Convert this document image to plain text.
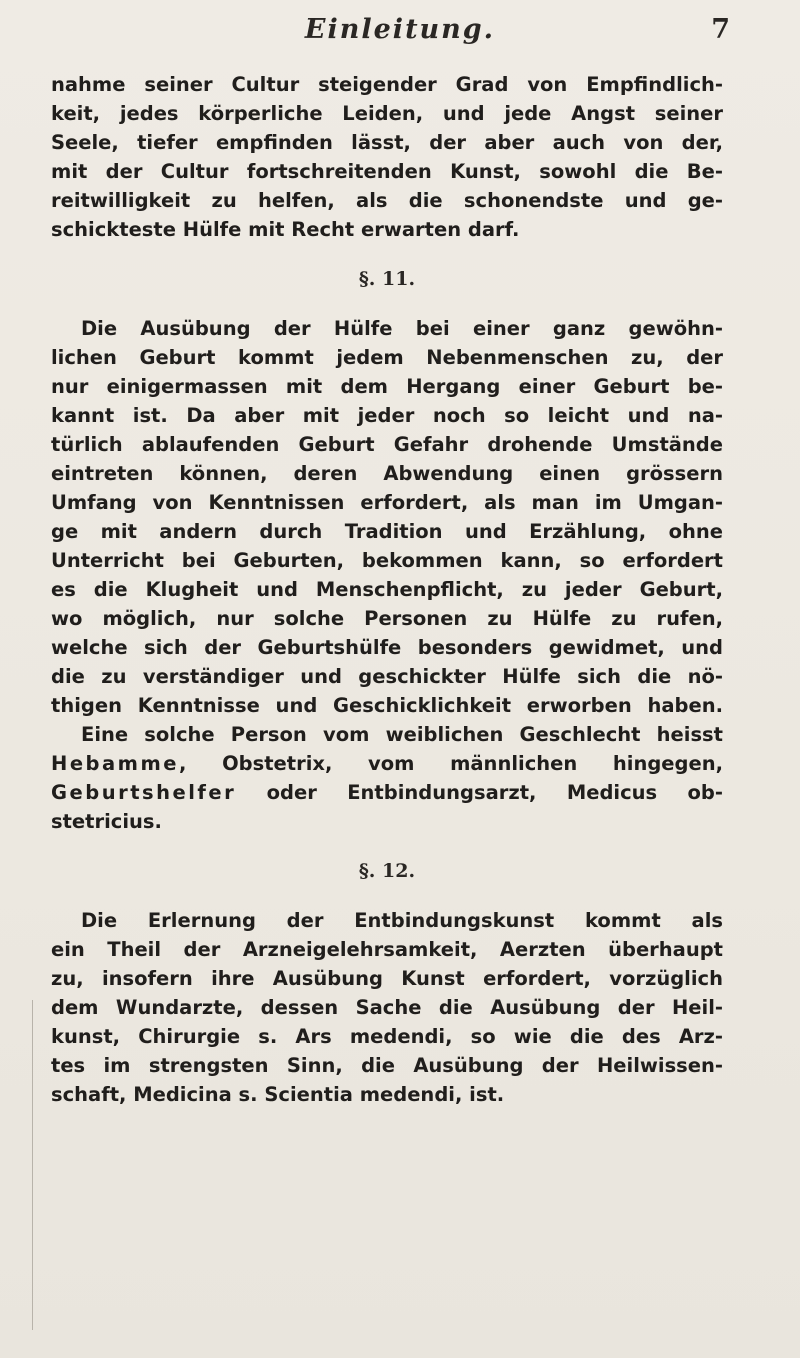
Einleitung.	7
nahme seiner Cultur steigender Grad von Empfindlich-
keit, jedes körperliche Leiden, und jede Angst seiner
Seele, tiefer empfinden lässt, der aber auch von der,
mit der Cultur fortschreitenden Kunst, sowohl die Be-
reitwilligkeit zu helfen, als die schonendste und ge-
schickteste Hülfe mit Recht erwarten darf.
§. 11.
Die Ausübung der Hülfe bei einer ganz gewöhn-
lichen Geburt kommt jedem Nebenmenschen zu, der
nur einigermassen mit dem Hergang einer Geburt be-
kannt ist. Da aber mit jeder noch so leicht und na-
türlich ablaufenden Geburt Gefahr drohende Umstände
eintreten können, deren Abwendung einen grössern
Umfang von Kenntnissen erfordert, als man im Umgan-
ge mit andern durch Tradition und Erzählung, ohne
Unterricht bei Geburten, bekommen kann, so erfordert
es die Klugheit und Menschenpflicht, zu jeder Geburt,
wo möglich, nur solche Personen zu Hülfe zu rufen,
welche sich der Geburtshülfe besonders gewidmet, und
die zu verständiger und geschickter Hülfe sich die nö-
thigen Kenntnisse und Geschicklichkeit erworben haben.
Eine solche Person vom weiblichen Geschlecht heisst
Hebamme, Obstetrix, vom männlichen hingegen,
Geburtshelfer oder Entbindungsarzt, Medicus ob-
stetricius.
§. 12.
Die Erlernung der Entbindungskunst kommt als
ein Theil der Arzneigelehrsamkeit, Aerzten überhaupt
zu, insofern ihre Ausübung Kunst erfordert, vorzüglich
dem Wundarzte, dessen Sache die Ausübung der Heil-
kunst, Chirurgie s. Ars medendi, so wie die des Arz-
tes im strengsten Sinn, die Ausübung der Heilwissen-
schaft, Medicina s. Scientia medendi, ist.
